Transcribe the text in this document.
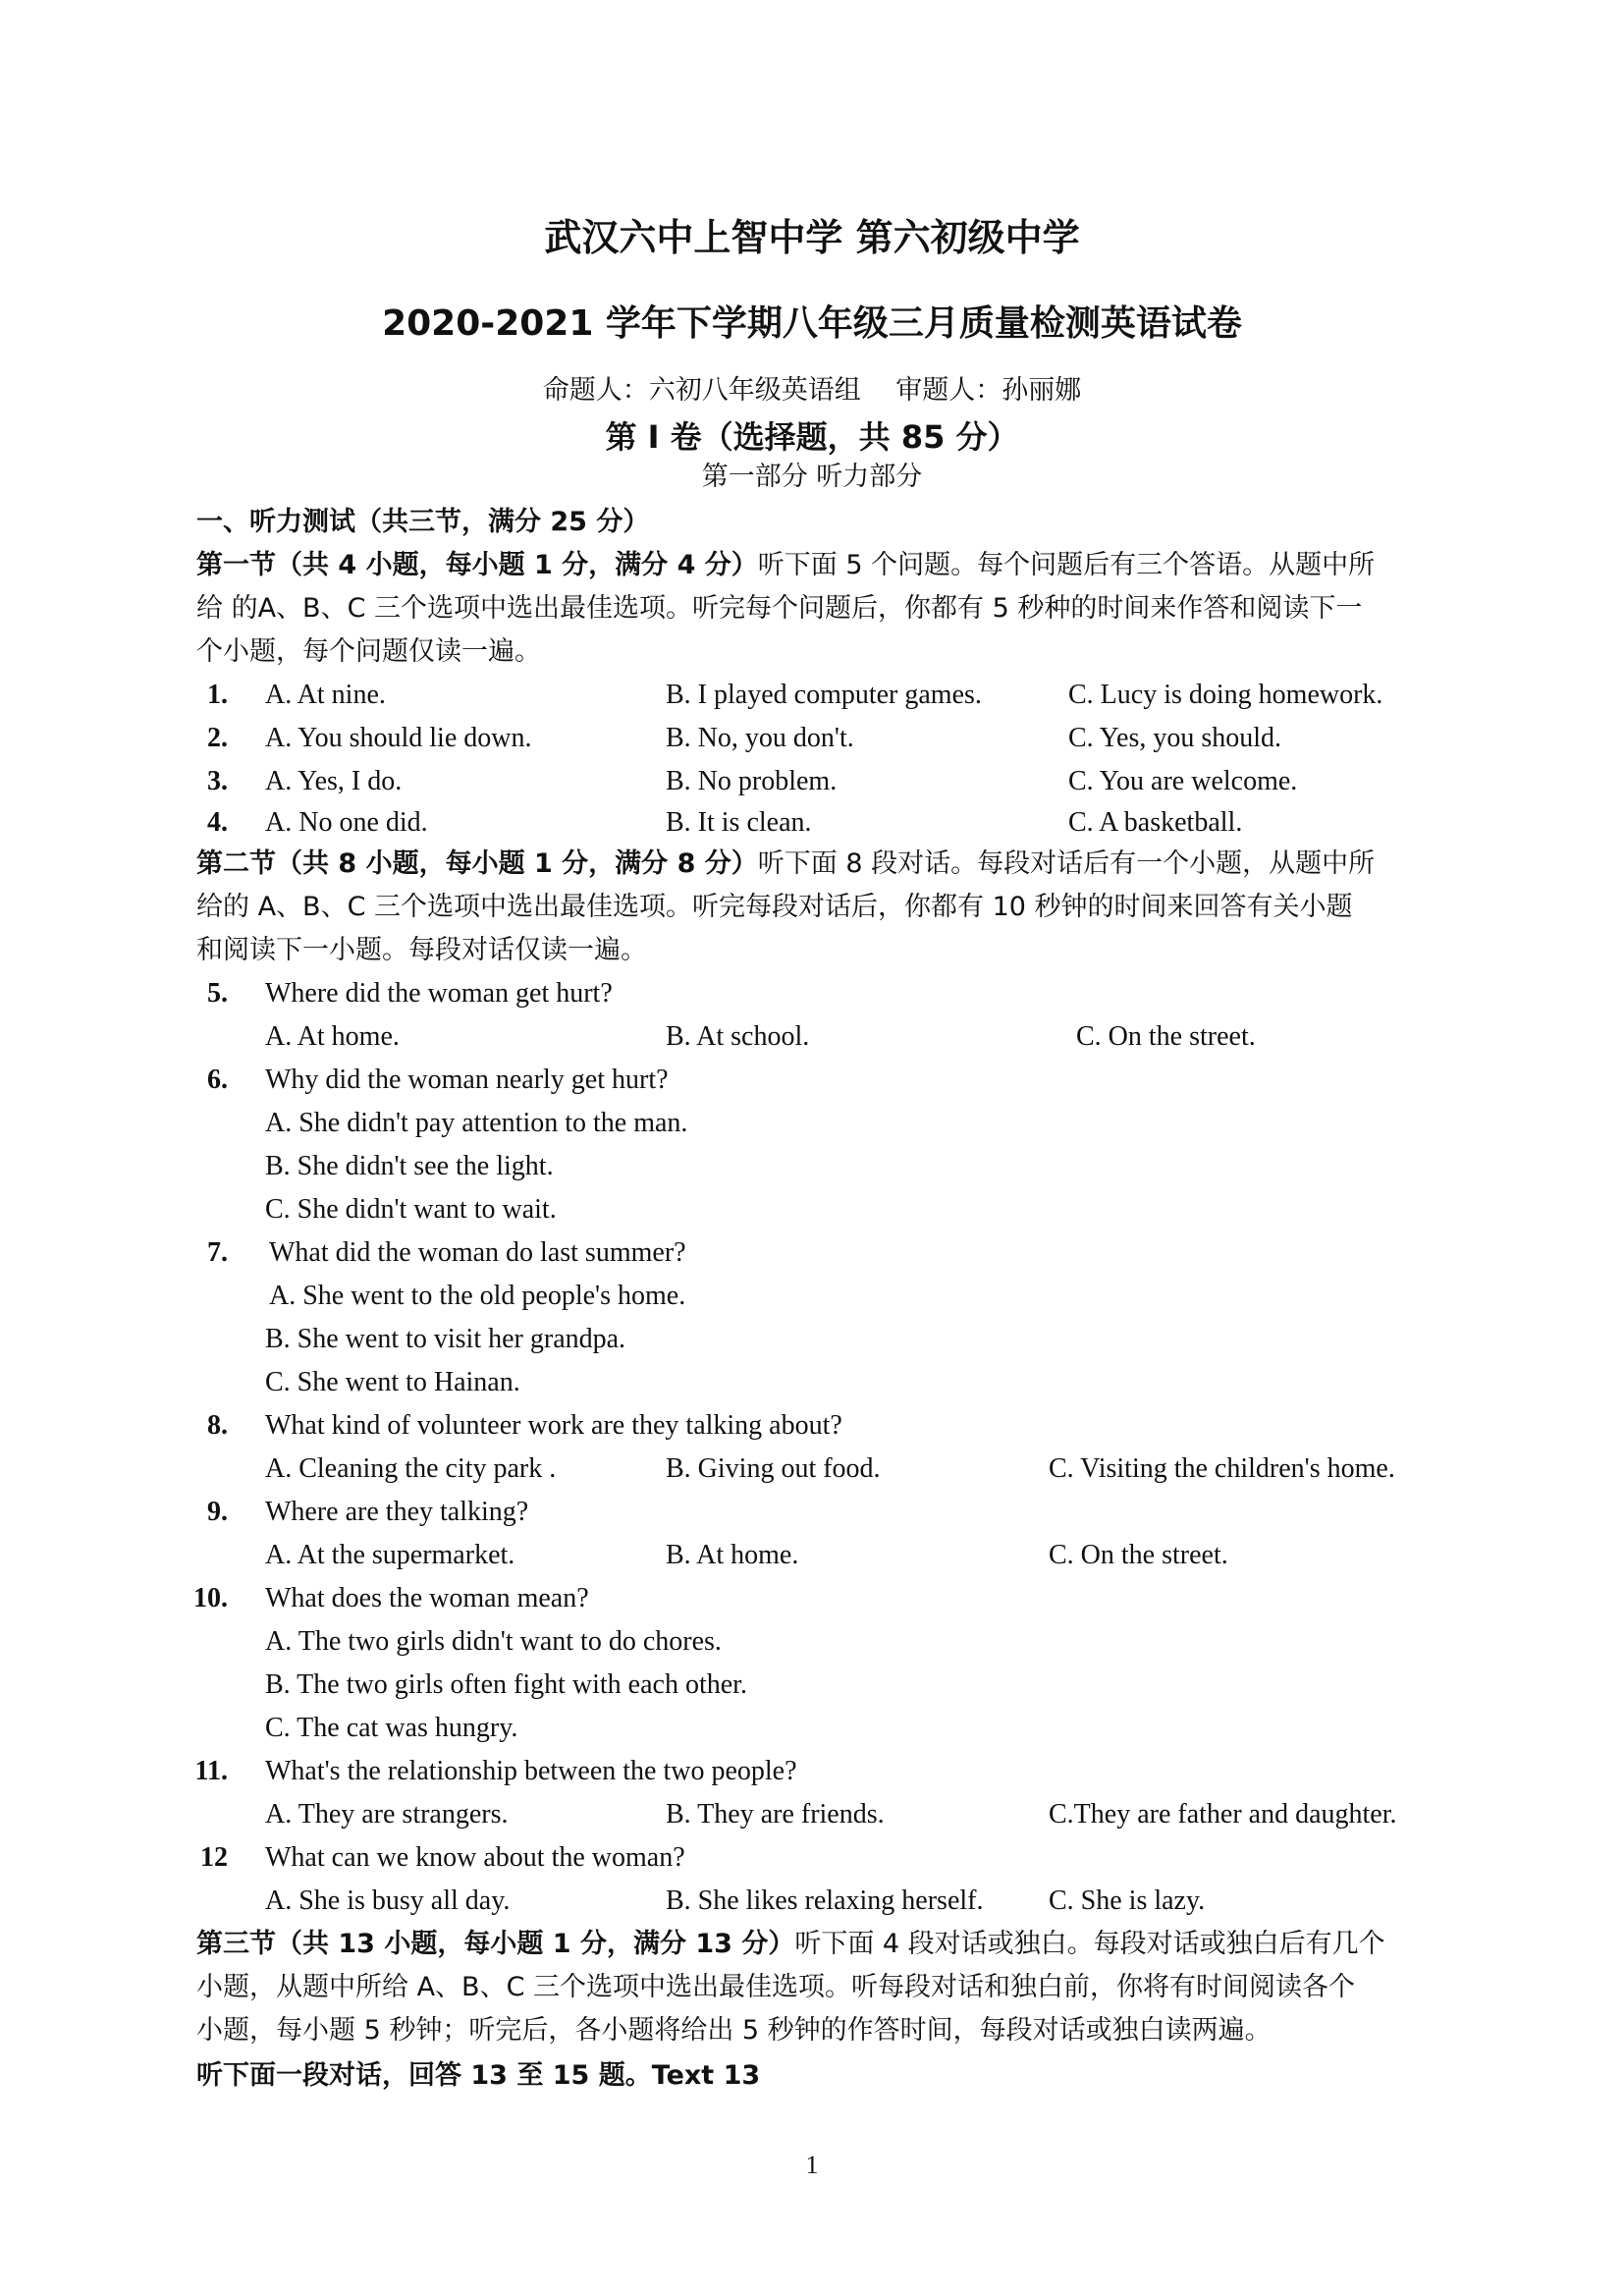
武汉六中上智中学 第六初级中学
2020-2021 学年下学期八年级三月质量检测英语试卷
命题人：六初八年级英语组　 审题人：孙丽娜
第 I 卷（选择题，共 85 分）
第一部分 听力部分
一、听力测试（共三节，满分 25 分）
第一节（共 4 小题，每小题 1 分，满分 4 分）听下面 5 个问题。每个问题后有三个答语。从题中所
给 的A、B、C 三个选项中选出最佳选项。听完每个问题后，你都有 5 秒种的时间来作答和阅读下一
个小题，每个问题仅读一遍。
1. A. At nine.	B. I played computer games.	C. Lucy is doing homework.
2. A. You should lie down.	B. No, you don't.	C. Yes, you should.
3. A. Yes, I do.	B. No problem.	C. You are welcome.
4. A. No one did.	B. It is clean.	C. A basketball.
第二节（共 8 小题，每小题 1 分，满分 8 分）听下面 8 段对话。每段对话后有一个小题，从题中所
给的 A、B、C 三个选项中选出最佳选项。听完每段对话后，你都有 10 秒钟的时间来回答有关小题
和阅读下一小题。每段对话仅读一遍。
5. Where did the woman get hurt?
A. At home.	B. At school.	C. On the street.
6. Why did the woman nearly get hurt?
A. She didn't pay attention to the man.
B. She didn't see the light.
C. She didn't want to wait.
7. What did the woman do last summer?
A. She went to the old people's home.
B. She went to visit her grandpa.
C. She went to Hainan.
8. What kind of volunteer work are they talking about?
A. Cleaning the city park .	B. Giving out food.	C. Visiting the children's home.
9. Where are they talking?
A. At the supermarket.	B. At home.	C. On the street.
10. What does the woman mean?
A. The two girls didn't want to do chores.
B. The two girls often fight with each other.
C. The cat was hungry.
11. What's the relationship between the two people?
A. They are strangers.	B. They are friends.	C.They are father and daughter.
12 What can we know about the woman?
A. She is busy all day.	B. She likes relaxing herself. C. She is lazy.
第三节（共 13 小题，每小题 1 分，满分 13 分）听下面 4 段对话或独白。每段对话或独白后有几个
小题，从题中所给 A、B、C 三个选项中选出最佳选项。听每段对话和独白前，你将有时间阅读各个
小题，每小题 5 秒钟；听完后，各小题将给出 5 秒钟的作答时间，每段对话或独白读两遍。
听下面一段对话，回答 13 至 15 题。Text 13
1
